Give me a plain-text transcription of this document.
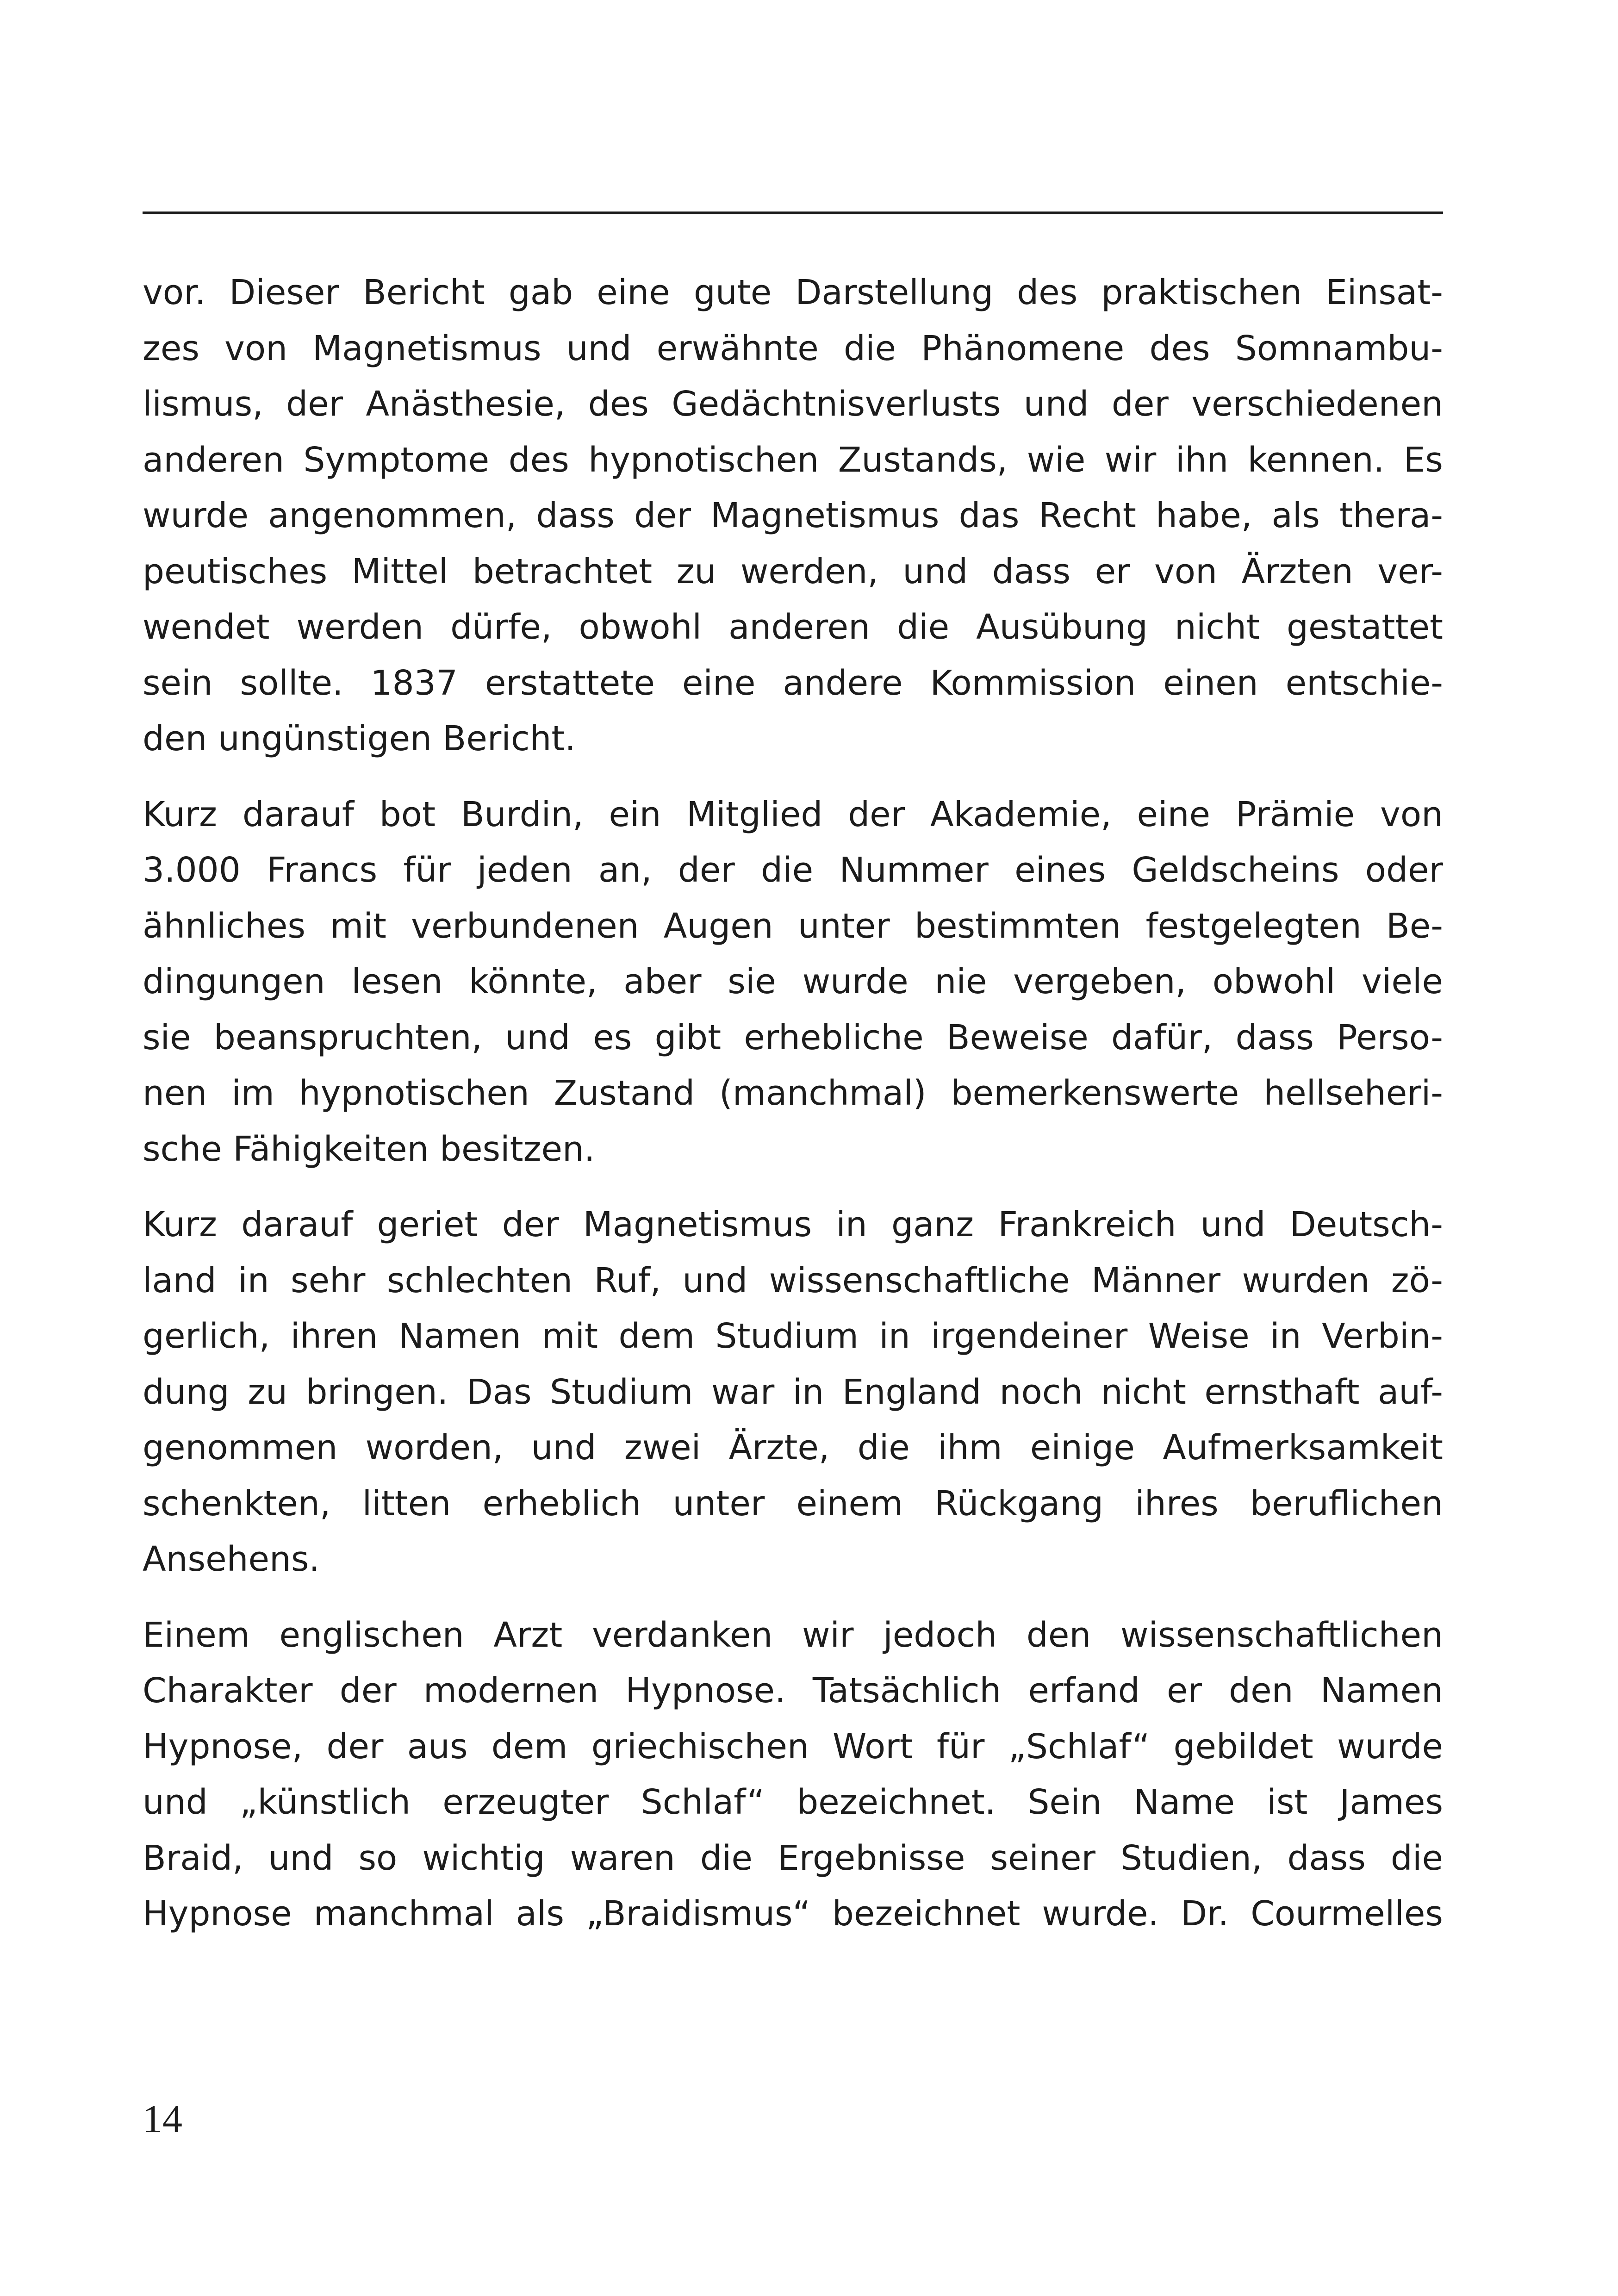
vor. Dieser Bericht gab eine gute Darstellung des praktischen Einsat-
zes von Magnetismus und erwähnte die Phänomene des Somnambu-
lismus, der Anästhesie, des Gedächtnisverlusts und der verschiedenen
anderen Symptome des hypnotischen Zustands, wie wir ihn kennen. Es
wurde angenommen, dass der Magnetismus das Recht habe, als thera-
peutisches Mittel betrachtet zu werden, und dass er von Ärzten ver-
wendet werden dürfe, obwohl anderen die Ausübung nicht gestattet
sein sollte. 1837 erstattete eine andere Kommission einen entschie-
den ungünstigen Bericht.
Kurz darauf bot Burdin, ein Mitglied der Akademie, eine Prämie von
3.000 Francs für jeden an, der die Nummer eines Geldscheins oder
ähnliches mit verbundenen Augen unter bestimmten festgelegten Be-
dingungen lesen könnte, aber sie wurde nie vergeben, obwohl viele
sie beanspruchten, und es gibt erhebliche Beweise dafür, dass Perso-
nen im hypnotischen Zustand (manchmal) bemerkenswerte hellseheri-
sche Fähigkeiten besitzen.
Kurz darauf geriet der Magnetismus in ganz Frankreich und Deutsch-
land in sehr schlechten Ruf, und wissenschaftliche Männer wurden zö-
gerlich, ihren Namen mit dem Studium in irgendeiner Weise in Verbin-
dung zu bringen. Das Studium war in England noch nicht ernsthaft auf-
genommen worden, und zwei Ärzte, die ihm einige Aufmerksamkeit
schenkten, litten erheblich unter einem Rückgang ihres beruflichen
Ansehens.
Einem englischen Arzt verdanken wir jedoch den wissenschaftlichen
Charakter der modernen Hypnose. Tatsächlich erfand er den Namen
Hypnose, der aus dem griechischen Wort für „Schlaf“ gebildet wurde
und „künstlich erzeugter Schlaf“ bezeichnet. Sein Name ist James
Braid, und so wichtig waren die Ergebnisse seiner Studien, dass die
Hypnose manchmal als „Braidismus“ bezeichnet wurde. Dr. Courmelles
14
